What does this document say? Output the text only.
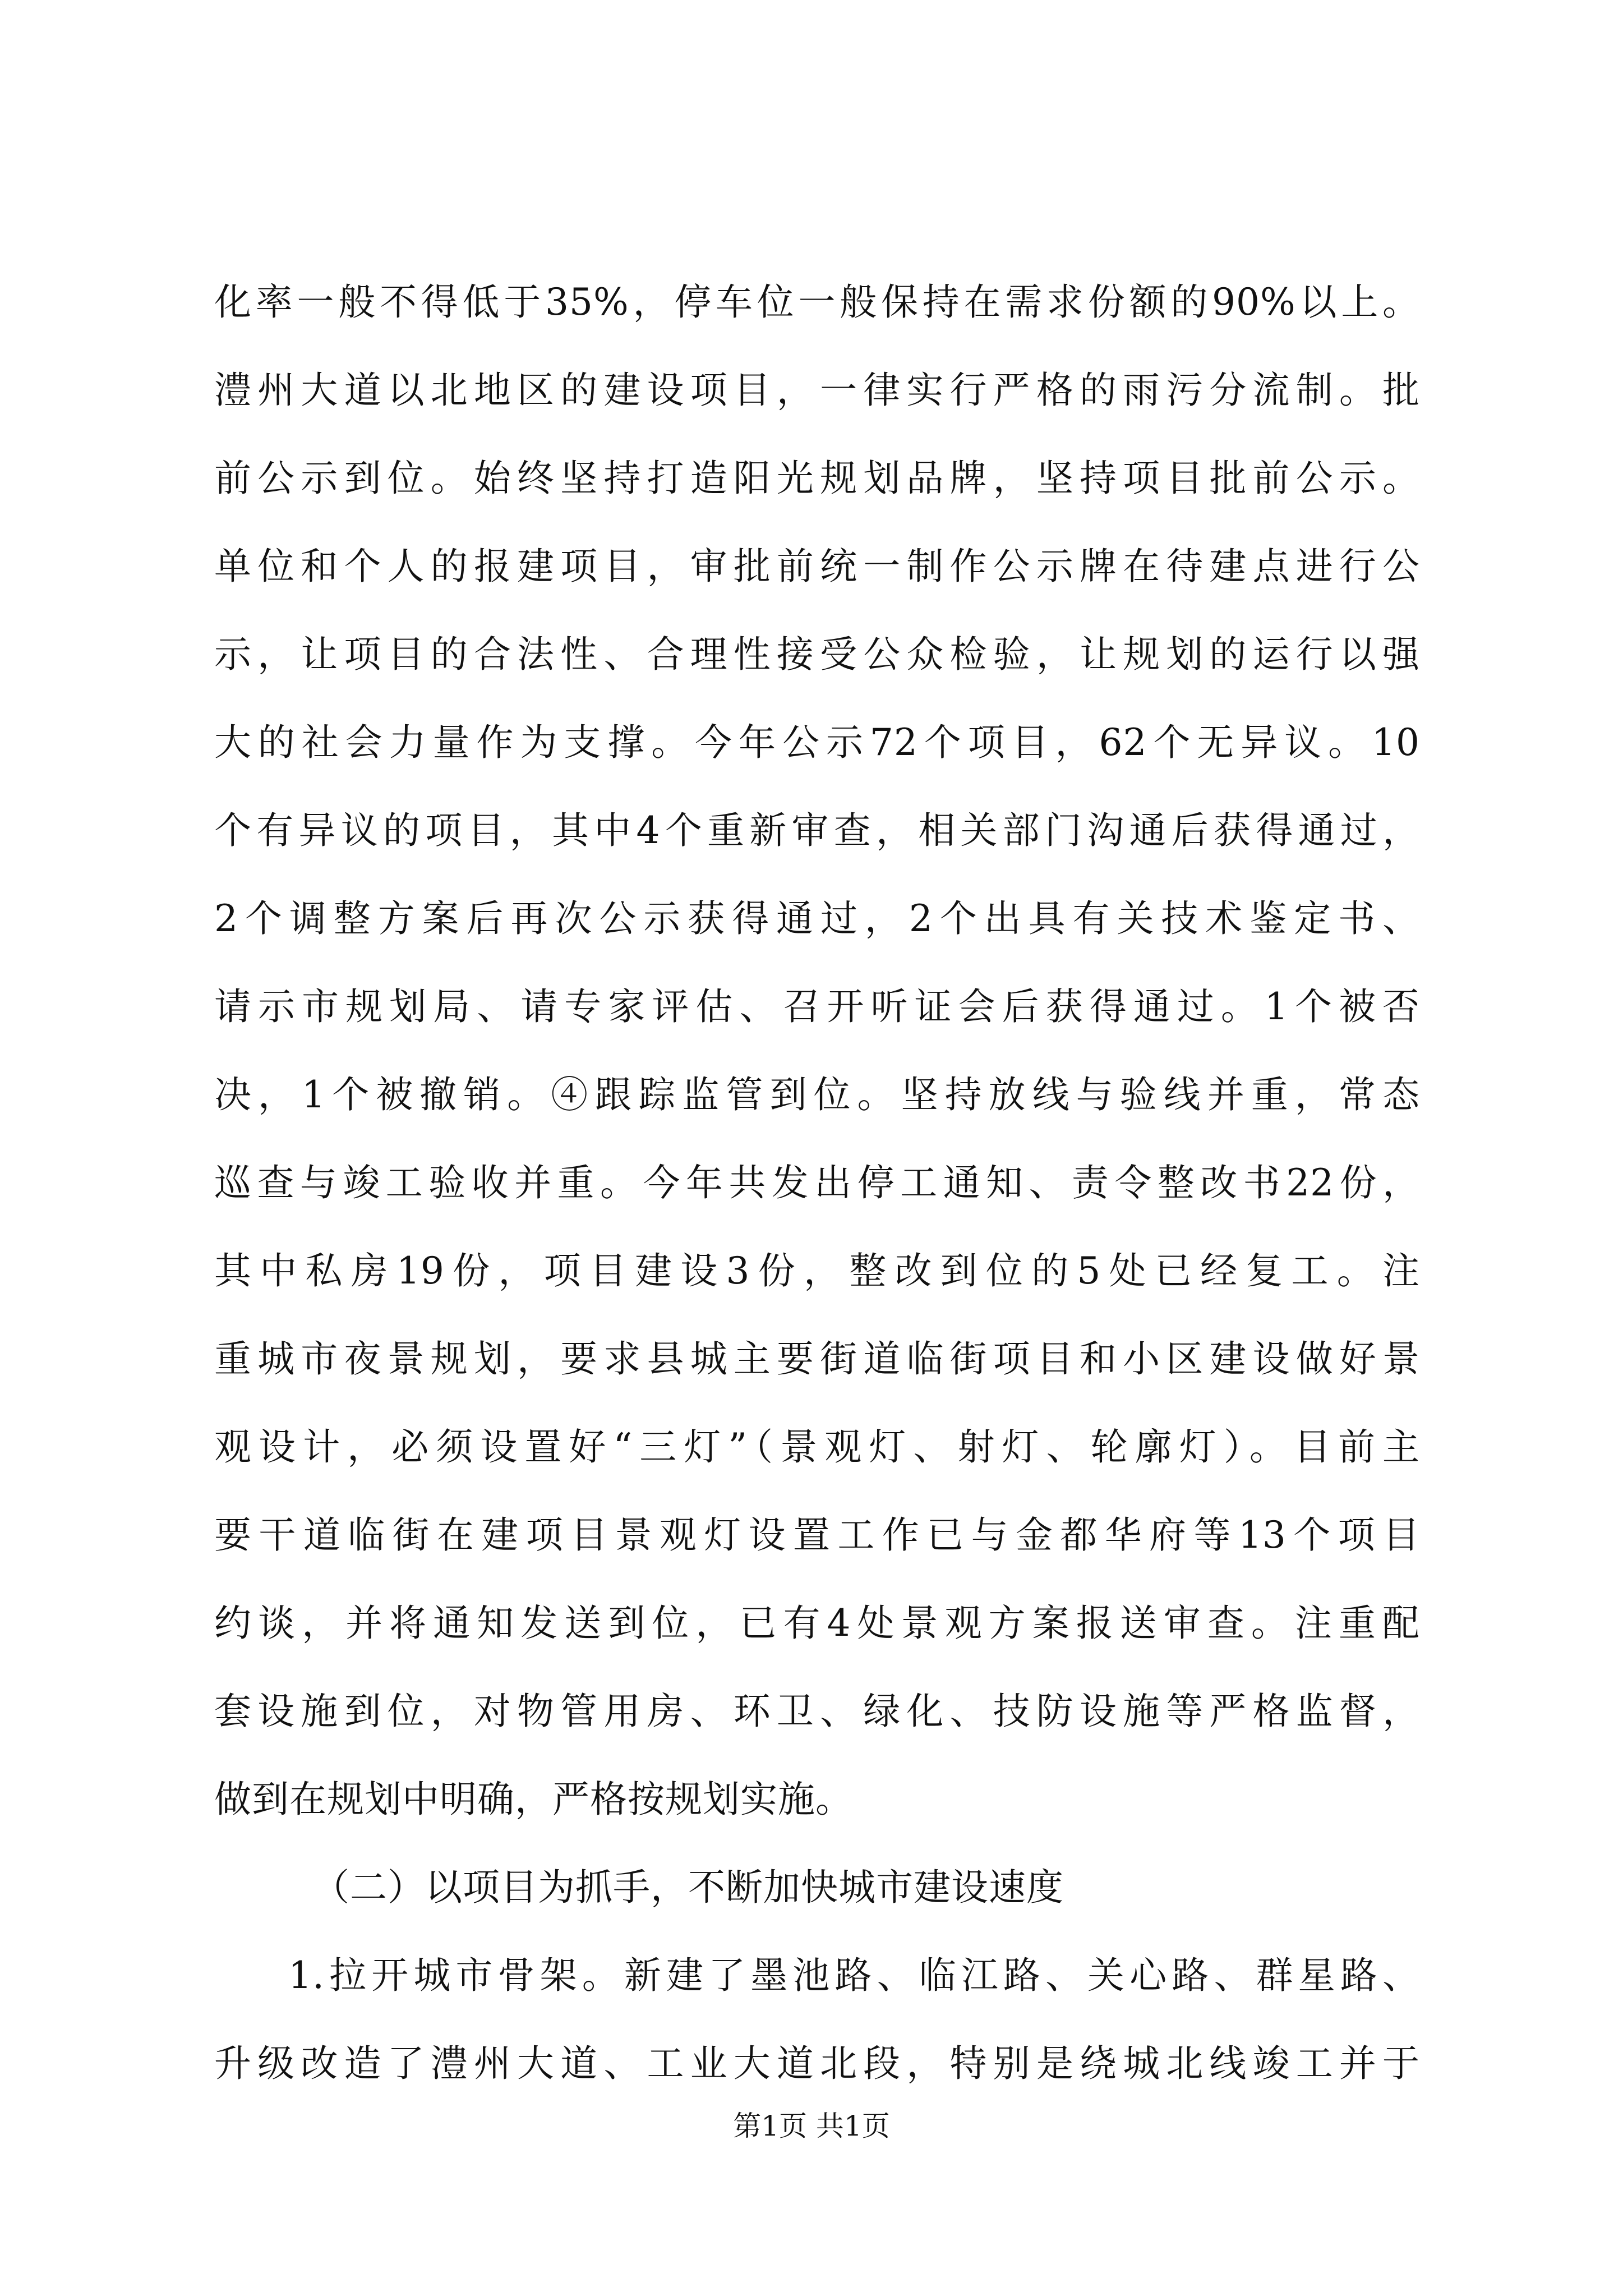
化率一般不得低于35%，停车位一般保持在需求份额的90%以上。
澧州大道以北地区的建设项目，一律实行严格的雨污分流制。批
前公示到位。始终坚持打造阳光规划品牌，坚持项目批前公示。
单位和个人的报建项目，审批前统一制作公示牌在待建点进行公
示，让项目的合法性、合理性接受公众检验，让规划的运行以强
大的社会力量作为支撑。今年公示72个项目，62个无异议。10
个有异议的项目，其中4个重新审查，相关部门沟通后获得通过，
2个调整方案后再次公示获得通过，2个出具有关技术鉴定书、
请示市规划局、请专家评估、召开听证会后获得通过。1个被否
决，1个被撤销。④跟踪监管到位。坚持放线与验线并重，常态
巡查与竣工验收并重。今年共发出停工通知、责令整改书22份，
其中私房19份，项目建设3份，整改到位的5处已经复工。注
重城市夜景规划，要求县城主要街道临街项目和小区建设做好景
观设计，必须设置好“三灯”（景观灯、射灯、轮廓灯）。目前主
要干道临街在建项目景观灯设置工作已与金都华府等13个项目
约谈，并将通知发送到位，已有4处景观方案报送审查。注重配
套设施到位，对物管用房、环卫、绿化、技防设施等严格监督，
做到在规划中明确，严格按规划实施。
（二）以项目为抓手，不断加快城市建设速度
1.拉开城市骨架。新建了墨池路、临江路、关心路、群星路、
升级改造了澧州大道、工业大道北段，特别是绕城北线竣工并于
第1页 共1页
